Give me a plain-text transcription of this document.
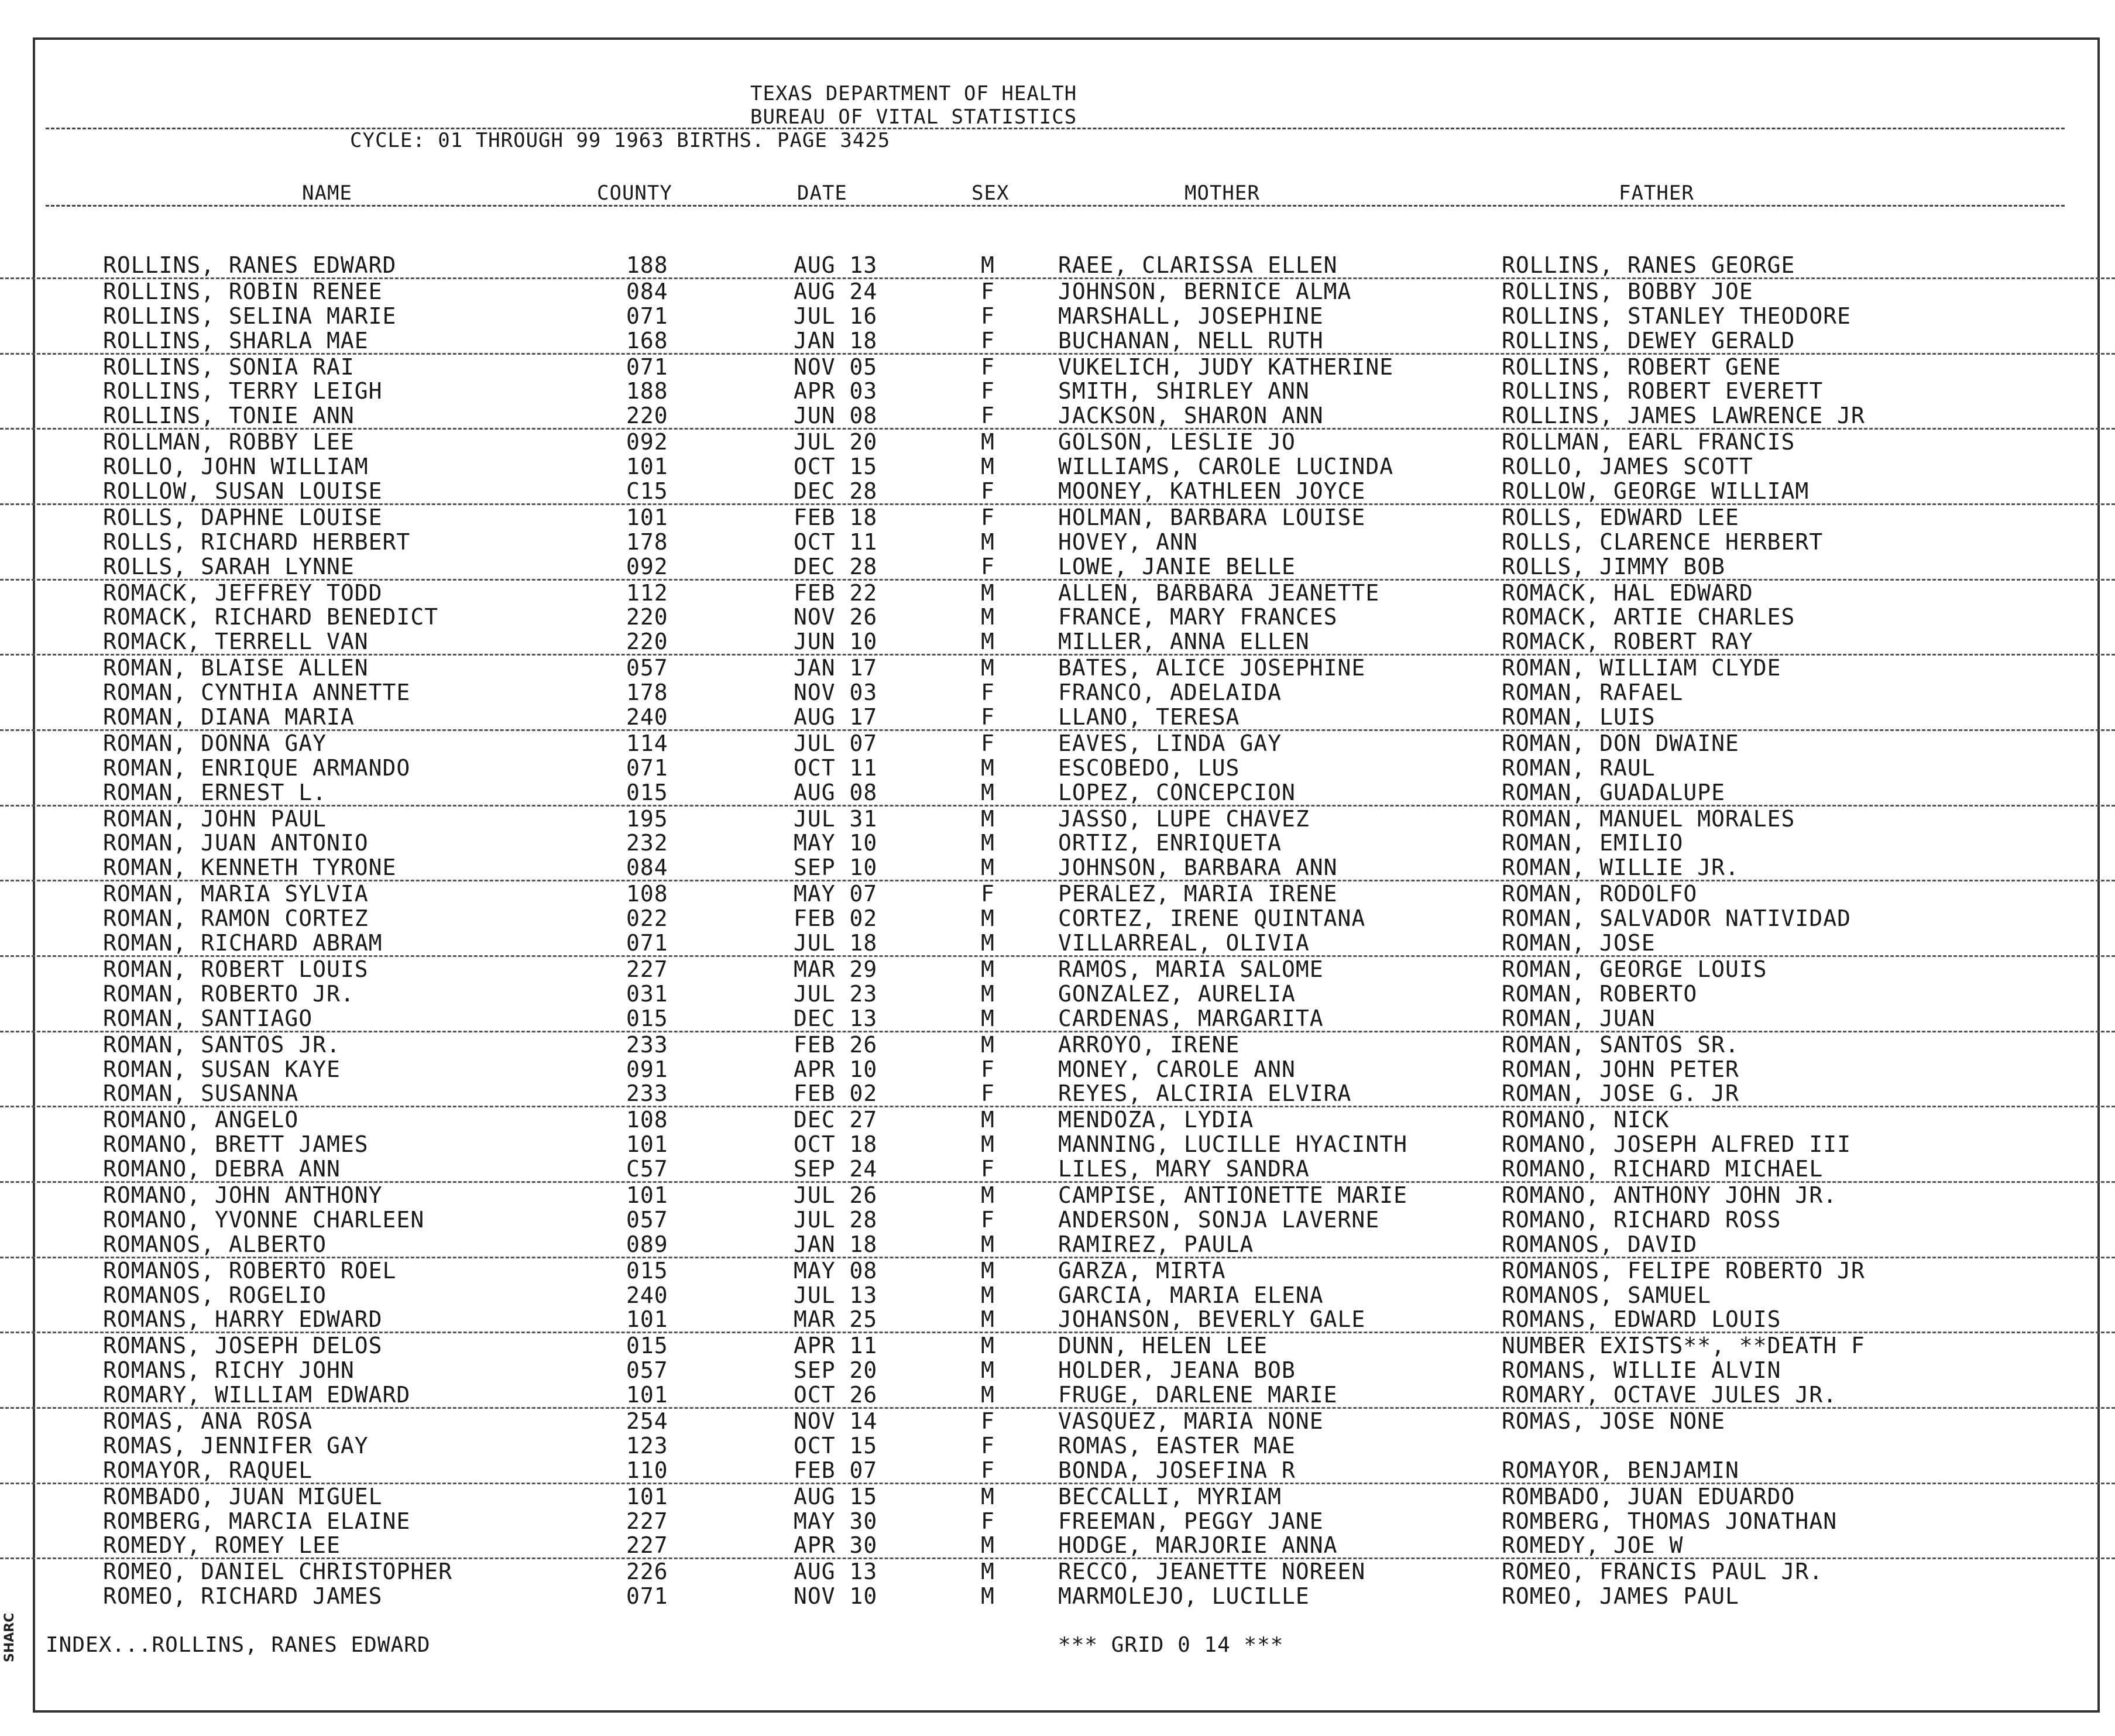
SHARC
TEXAS DEPARTMENT OF HEALTH
BUREAU OF VITAL STATISTICS
CYCLE: 01 THROUGH 99 1963 BIRTHS. PAGE 3425
NAME	COUNTY	DATE	SEX	MOTHER	FATHER
ROLLINS, RANES EDWARD	188	AUG 13	M	RAEE, CLARISSA ELLEN	ROLLINS, RANES GEORGE
ROLLINS, ROBIN RENEE	084	AUG 24	F	JOHNSON, BERNICE ALMA	ROLLINS, BOBBY JOE
ROLLINS, SELINA MARIE	071	JUL 16	F	MARSHALL, JOSEPHINE	ROLLINS, STANLEY THEODORE
ROLLINS, SHARLA MAE	168	JAN 18	F	BUCHANAN, NELL RUTH	ROLLINS, DEWEY GERALD
ROLLINS, SONIA RAI	071	NOV 05	F	VUKELICH, JUDY KATHERINE	ROLLINS, ROBERT GENE
ROLLINS, TERRY LEIGH	188	APR 03	F	SMITH, SHIRLEY ANN	ROLLINS, ROBERT EVERETT
ROLLINS, TONIE ANN	220	JUN 08	F	JACKSON, SHARON ANN	ROLLINS, JAMES LAWRENCE JR
ROLLMAN, ROBBY LEE	092	JUL 20	M	GOLSON, LESLIE JO	ROLLMAN, EARL FRANCIS
ROLLO, JOHN WILLIAM	101	OCT 15	M	WILLIAMS, CAROLE LUCINDA	ROLLO, JAMES SCOTT
ROLLOW, SUSAN LOUISE	C15	DEC 28	F	MOONEY, KATHLEEN JOYCE	ROLLOW, GEORGE WILLIAM
ROLLS, DAPHNE LOUISE	101	FEB 18	F	HOLMAN, BARBARA LOUISE	ROLLS, EDWARD LEE
ROLLS, RICHARD HERBERT	178	OCT 11	M	HOVEY, ANN	ROLLS, CLARENCE HERBERT
ROLLS, SARAH LYNNE	092	DEC 28	F	LOWE, JANIE BELLE	ROLLS, JIMMY BOB
ROMACK, JEFFREY TODD	112	FEB 22	M	ALLEN, BARBARA JEANETTE	ROMACK, HAL EDWARD
ROMACK, RICHARD BENEDICT	220	NOV 26	M	FRANCE, MARY FRANCES	ROMACK, ARTIE CHARLES
ROMACK, TERRELL VAN	220	JUN 10	M	MILLER, ANNA ELLEN	ROMACK, ROBERT RAY
ROMAN, BLAISE ALLEN	057	JAN 17	M	BATES, ALICE JOSEPHINE	ROMAN, WILLIAM CLYDE
ROMAN, CYNTHIA ANNETTE	178	NOV 03	F	FRANCO, ADELAIDA	ROMAN, RAFAEL
ROMAN, DIANA MARIA	240	AUG 17	F	LLANO, TERESA	ROMAN, LUIS
ROMAN, DONNA GAY	114	JUL 07	F	EAVES, LINDA GAY	ROMAN, DON DWAINE
ROMAN, ENRIQUE ARMANDO	071	OCT 11	M	ESCOBEDO, LUS	ROMAN, RAUL
ROMAN, ERNEST L.	015	AUG 08	M	LOPEZ, CONCEPCION	ROMAN, GUADALUPE
ROMAN, JOHN PAUL	195	JUL 31	M	JASSO, LUPE CHAVEZ	ROMAN, MANUEL MORALES
ROMAN, JUAN ANTONIO	232	MAY 10	M	ORTIZ, ENRIQUETA	ROMAN, EMILIO
ROMAN, KENNETH TYRONE	084	SEP 10	M	JOHNSON, BARBARA ANN	ROMAN, WILLIE JR.
ROMAN, MARIA SYLVIA	108	MAY 07	F	PERALEZ, MARIA IRENE	ROMAN, RODOLFO
ROMAN, RAMON CORTEZ	022	FEB 02	M	CORTEZ, IRENE QUINTANA	ROMAN, SALVADOR NATIVIDAD
ROMAN, RICHARD ABRAM	071	JUL 18	M	VILLARREAL, OLIVIA	ROMAN, JOSE
ROMAN, ROBERT LOUIS	227	MAR 29	M	RAMOS, MARIA SALOME	ROMAN, GEORGE LOUIS
ROMAN, ROBERTO JR.	031	JUL 23	M	GONZALEZ, AURELIA	ROMAN, ROBERTO
ROMAN, SANTIAGO	015	DEC 13	M	CARDENAS, MARGARITA	ROMAN, JUAN
ROMAN, SANTOS JR.	233	FEB 26	M	ARROYO, IRENE	ROMAN, SANTOS SR.
ROMAN, SUSAN KAYE	091	APR 10	F	MONEY, CAROLE ANN	ROMAN, JOHN PETER
ROMAN, SUSANNA	233	FEB 02	F	REYES, ALCIRIA ELVIRA	ROMAN, JOSE G. JR
ROMANO, ANGELO	108	DEC 27	M	MENDOZA, LYDIA	ROMANO, NICK
ROMANO, BRETT JAMES	101	OCT 18	M	MANNING, LUCILLE HYACINTH	ROMANO, JOSEPH ALFRED III
ROMANO, DEBRA ANN	C57	SEP 24	F	LILES, MARY SANDRA	ROMANO, RICHARD MICHAEL
ROMANO, JOHN ANTHONY	101	JUL 26	M	CAMPISE, ANTIONETTE MARIE	ROMANO, ANTHONY JOHN JR.
ROMANO, YVONNE CHARLEEN	057	JUL 28	F	ANDERSON, SONJA LAVERNE	ROMANO, RICHARD ROSS
ROMANOS, ALBERTO	089	JAN 18	M	RAMIREZ, PAULA	ROMANOS, DAVID
ROMANOS, ROBERTO ROEL	015	MAY 08	M	GARZA, MIRTA	ROMANOS, FELIPE ROBERTO JR
ROMANOS, ROGELIO	240	JUL 13	M	GARCIA, MARIA ELENA	ROMANOS, SAMUEL
ROMANS, HARRY EDWARD	101	MAR 25	M	JOHANSON, BEVERLY GALE	ROMANS, EDWARD LOUIS
ROMANS, JOSEPH DELOS	015	APR 11	M	DUNN, HELEN LEE	NUMBER EXISTS**, **DEATH F
ROMANS, RICHY JOHN	057	SEP 20	M	HOLDER, JEANA BOB	ROMANS, WILLIE ALVIN
ROMARY, WILLIAM EDWARD	101	OCT 26	M	FRUGE, DARLENE MARIE	ROMARY, OCTAVE JULES JR.
ROMAS, ANA ROSA	254	NOV 14	F	VASQUEZ, MARIA NONE	ROMAS, JOSE NONE
ROMAS, JENNIFER GAY	123	OCT 15	F	ROMAS, EASTER MAE
ROMAYOR, RAQUEL	110	FEB 07	F	BONDA, JOSEFINA R	ROMAYOR, BENJAMIN
ROMBADO, JUAN MIGUEL	101	AUG 15	M	BECCALLI, MYRIAM	ROMBADO, JUAN EDUARDO
ROMBERG, MARCIA ELAINE	227	MAY 30	F	FREEMAN, PEGGY JANE	ROMBERG, THOMAS JONATHAN
ROMEDY, ROMEY LEE	227	APR 30	M	HODGE, MARJORIE ANNA	ROMEDY, JOE W
ROMEO, DANIEL CHRISTOPHER	226	AUG 13	M	RECCO, JEANETTE NOREEN	ROMEO, FRANCIS PAUL JR.
ROMEO, RICHARD JAMES	071	NOV 10	M	MARMOLEJO, LUCILLE	ROMEO, JAMES PAUL
INDEX...ROLLINS, RANES EDWARD	*** GRID 0 14 ***
